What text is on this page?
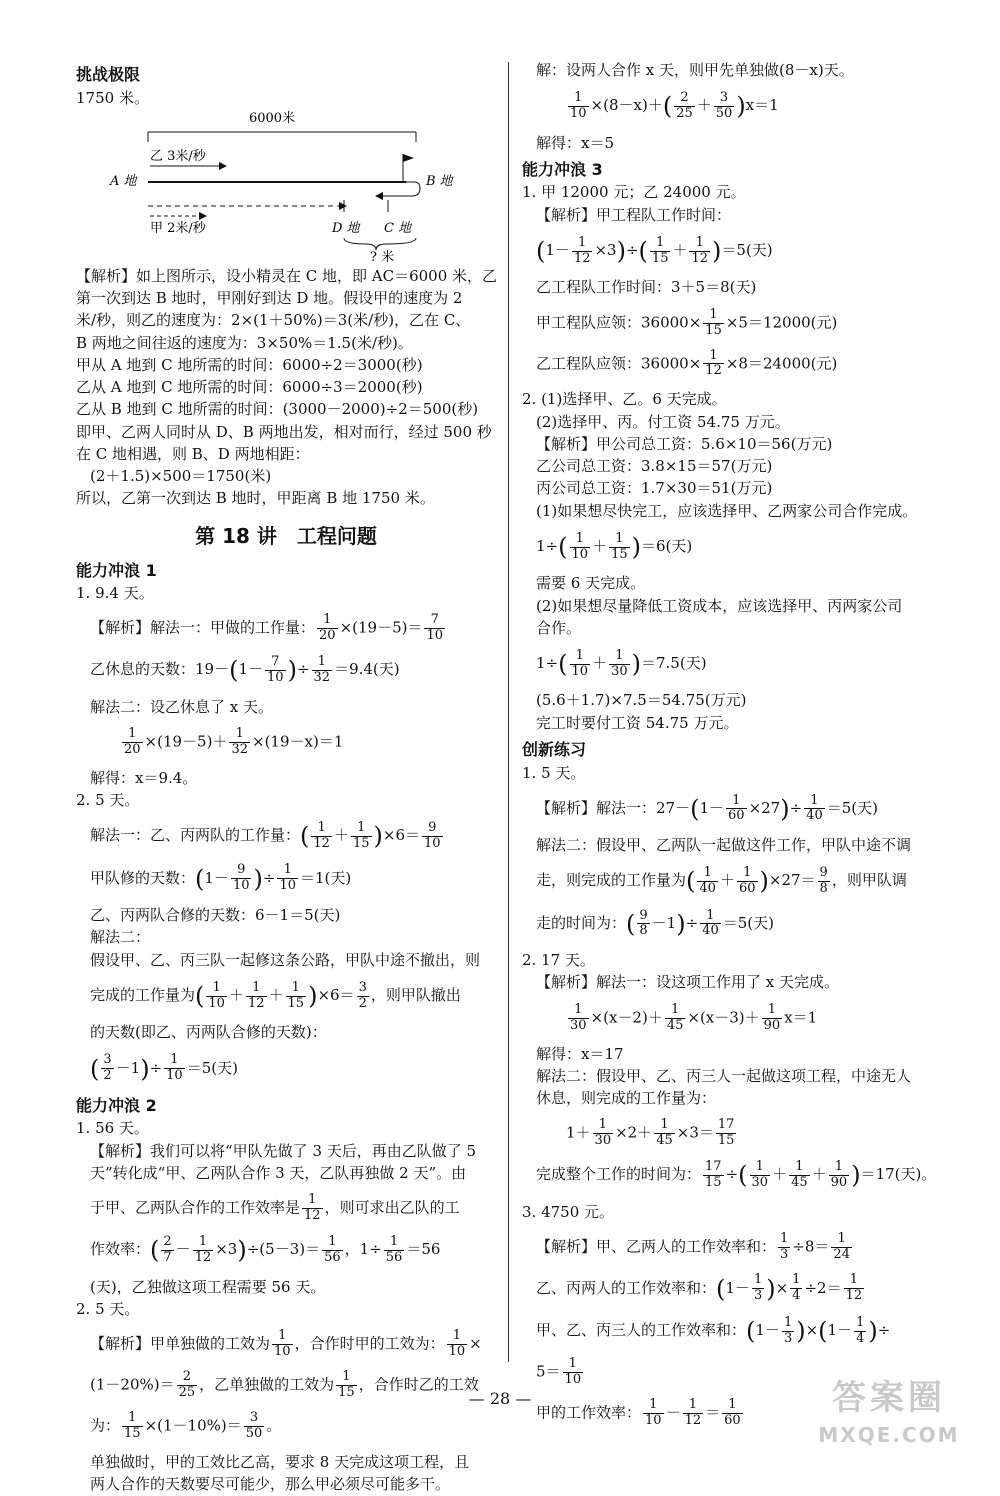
挑战极限
1750 米。
6000米
乙 3米/秒
A 地	B 地
甲 2米/秒	D 地 C 地
? 米
【解析】如上图所示，设小精灵在 C 地，即 AC＝6000 米，乙
第一次到达 B 地时，甲刚好到达 D 地。假设甲的速度为 2
米/秒，则乙的速度为：2×(1＋50%)＝3(米/秒)，乙在 C、
B 两地之间往返的速度为：3×50%＝1.5(米/秒)。
甲从 A 地到 C 地所需的时间：6000÷2＝3000(秒)
乙从 A 地到 C 地所需的时间：6000÷3＝2000(秒)
乙从 B 地到 C 地所需的时间：(3000－2000)÷2＝500(秒)
即甲、乙两人同时从 D、B 两地出发，相对而行，经过 500 秒
在 C 地相遇，则 B、D 两地相距：
(2＋1.5)×500＝1750(米)
所以，乙第一次到达 B 地时，甲距离 B 地 1750 米。
第 18 讲　工程问题
能力冲浪 1
1. 9.4 天。
【解析】解法一：甲做的工作量： $\frac{1}{20} \times(19-5)= \frac{7}{10}$
乙休息的天数：$19-(1- \frac{7}{10}$ )÷ $\frac{1}{32} =9.4$(天)
解法二：设乙休息了 x 天。
$\frac{1}{20} \times(19-5)+ \frac{1}{32} \times(19-x)=1$
解得：x＝9.4。
2. 5 天。
解法一：乙、丙两队的工作量：( $\frac{1}{12} + \frac{1}{15} )\times 6= \frac{9}{10}$
甲队修的天数：($1- \frac{9}{10}$ )÷ $\frac{1}{10} =1$(天)
乙、丙两队合修的天数：6－1＝5(天)
解法二：
假设甲、乙、丙三队一起修这条公路，甲队中途不撤出，则
完成的工作量为( $\frac{1}{10} + \frac{1}{12} + \frac{1}{15} )\times 6= \frac{3}{2}$ ，则甲队撤出
的天数(即乙、丙两队合修的天数)：
( $\frac{3}{2} -1)\div \frac{1}{10} =5$(天)
能力冲浪 2
1. 56 天。
【解析】我们可以将“甲队先做了 3 天后，再由乙队做了 5
天”转化成“甲、乙两队合作 3 天，乙队再独做 2 天”。由
于甲、乙两队合作的工作效率是 $\frac{1}{12}$ ，则可求出乙队的工
作效率：( $\frac{2}{7} - \frac{1}{12} \times 3)\div(5-3)= \frac{1}{56}$ ，$1\div \frac{1}{56} =56$
(天)，乙独做这项工程需要 56 天。
2. 5 天。
【解析】甲单独做的工效为 $\frac{1}{10}$ ，合作时甲的工效为： $\frac{1}{10}$ ×
$(1-20\%)= \frac{2}{25}$ ，乙单独做的工效为 $\frac{1}{15}$ ，合作时乙的工效
为： $\frac{1}{15} \times(1-10\%)= \frac{3}{50}$ 。
单独做时，甲的工效比乙高，要求 8 天完成这项工程，且
两人合作的天数要尽可能少，那么甲必须尽可能多干。
解：设两人合作 x 天，则甲先单独做(8－x)天。
$\frac{1}{10} \times(8-x)+( \frac{2}{25} + \frac{3}{50} )x=1$
解得：x＝5
能力冲浪 3
1. 甲 12000 元；乙 24000 元。
【解析】甲工程队工作时间：
$(1- \frac{1}{12} \times 3)\div( \frac{1}{15} + \frac{1}{12} )=5$(天)
乙工程队工作时间：3＋5＝8(天)
甲工程队应领：$36000\times \frac{1}{15} \times 5=12000$(元)
乙工程队应领：$36000\times \frac{1}{12} \times 8=24000$(元)
2. (1)选择甲、乙。6 天完成。
(2)选择甲、丙。付工资 54.75 万元。
【解析】甲公司总工资：5.6×10＝56(万元)
乙公司总工资：3.8×15＝57(万元)
丙公司总工资：1.7×30＝51(万元)
(1)如果想尽快完工，应该选择甲、乙两家公司合作完成。
$1\div( \frac{1}{10} + \frac{1}{15} )=6$(天)
需要 6 天完成。
(2)如果想尽量降低工资成本，应该选择甲、丙两家公司
合作。
$1\div( \frac{1}{10} + \frac{1}{30} )=7.5$(天)
(5.6＋1.7)×7.5＝54.75(万元)
完工时要付工资 54.75 万元。
创新练习
1. 5 天。
【解析】解法一：$27-(1- \frac{1}{60} \times 27)\div \frac{1}{40} =5$(天)
解法二：假设甲、乙两队一起做这件工作，甲队中途不调
走，则完成的工作量为( $\frac{1}{40} + \frac{1}{60} )\times 27= \frac{9}{8}$ ，则甲队调
走的时间为：( $\frac{9}{8} -1)\div \frac{1}{40} =5$(天)
2. 17 天。
【解析】解法一：设这项工作用了 x 天完成。
$\frac{1}{30} \times(x-2)+ \frac{1}{45} \times(x-3)+ \frac{1}{90} x=1$
解得：x＝17
解法二：假设甲、乙、丙三人一起做这项工程，中途无人
休息，则完成的工作量为：
$1+ \frac{1}{30} \times 2+ \frac{1}{45} \times 3= \frac{17}{15}$
完成整个工作的时间为： $\frac{17}{15}$ ÷( $\frac{1}{30} + \frac{1}{45} + \frac{1}{90} )=17$(天)。
3. 4750 元。
【解析】甲、乙两人的工作效率和： $\frac{1}{3} \div 8= \frac{1}{24}$
乙、丙两人的工作效率和：($1- \frac{1}{3}$ )× $\frac{1}{4} \div 2= \frac{1}{12}$
甲、乙、丙三人的工作效率和：$(1- \frac{1}{3} )\times(1- \frac{1}{4}$ )÷
$5= \frac{1}{10}$
甲的工作效率： $\frac{1}{10} - \frac{1}{12} = \frac{1}{60}$
— 28 —	答案圈
MXQE.COM
